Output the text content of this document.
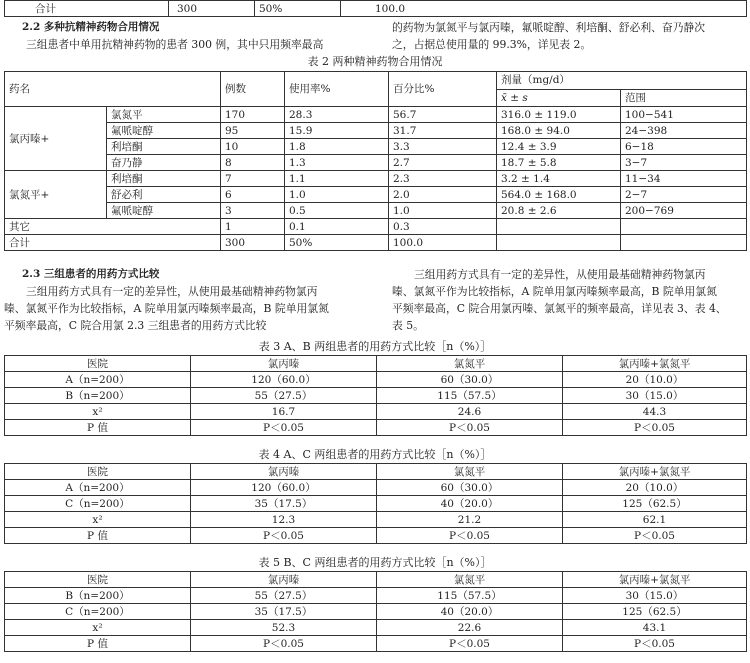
合计	300	50%	100.0
2.2 多种抗精神药物合用情况
三组患者中单用抗精神药物的患者 300 例，其中只用频率最高
的药物为氯氮平与氯丙嗪，氟哌啶醇、利培酮、舒必利、奋乃静次
之，占据总使用量的 99.3%，详见表 2。
表 2 两种精神药物合用情况
药名		例数	使用率%	百分比%	剂量（mg/d）	
					x̄ ± s	范围
氯丙嗪+	氯氮平	170	28.3	56.7	316.0 ± 119.0	100−541
	氟哌啶醇	95	15.9	31.7	168.0 ± 94.0	24−398
	利培酮	10	1.8	3.3	12.4 ± 3.9	6−18
	奋乃静	8	1.3	2.7	18.7 ± 5.8	3−7
氯氮平+	利培酮	7	1.1	2.3	3.2 ± 1.4	11−34
	舒必利	6	1.0	2.0	564.0 ± 168.0	2−7
	氟哌啶醇	3	0.5	1.0	20.8 ± 2.6	200−769
其它		1	0.1	0.3		
合计		300	50%	100.0		
2.3 三组患者的用药方式比较
三组用药方式具有一定的差异性，从使用最基础精神药物氯丙
嗪、氯氮平作为比较指标，A 院单用氯丙嗪频率最高，B 院单用氯氮
平频率最高，C 院合用氯 2.3 三组患者的用药方式比较
三组用药方式具有一定的差异性，从使用最基础精神药物氯丙
嗪、氯氮平作为比较指标，A 院单用氯丙嗪频率最高，B 院单用氯氮
平频率最高，C 院合用氯丙嗪、氯氮平的频率最高，详见表 3、表 4、
表 5。
表 3 A、B 两组患者的用药方式比较［n（%）］
医院	氯丙嗪	氯氮平	氯丙嗪+氯氮平
A（n=200）	120（60.0）	60（30.0）	20（10.0）
B（n=200）	55（27.5）	115（57.5）	30（15.0）
x²	16.7	24.6	44.3
P 值	P＜0.05	P＜0.05	P＜0.05
表 4 A、C 两组患者的用药方式比较［n（%）］
医院	氯丙嗪	氯氮平	氯丙嗪+氯氮平
A（n=200）	120（60.0）	60（30.0）	20（10.0）
C（n=200）	35（17.5）	40（20.0）	125（62.5）
x²	12.3	21.2	62.1
P 值	P＜0.05	P＜0.05	P＜0.05
表 5 B、C 两组患者的用药方式比较［n（%）］
医院	氯丙嗪	氯氮平	氯丙嗪+氯氮平
B（n=200）	55（27.5）	115（57.5）	30（15.0）
C（n=200）	35（17.5）	40（20.0）	125（62.5）
x²	52.3	22.6	43.1
P 值	P＜0.05	P＜0.05	P＜0.05
